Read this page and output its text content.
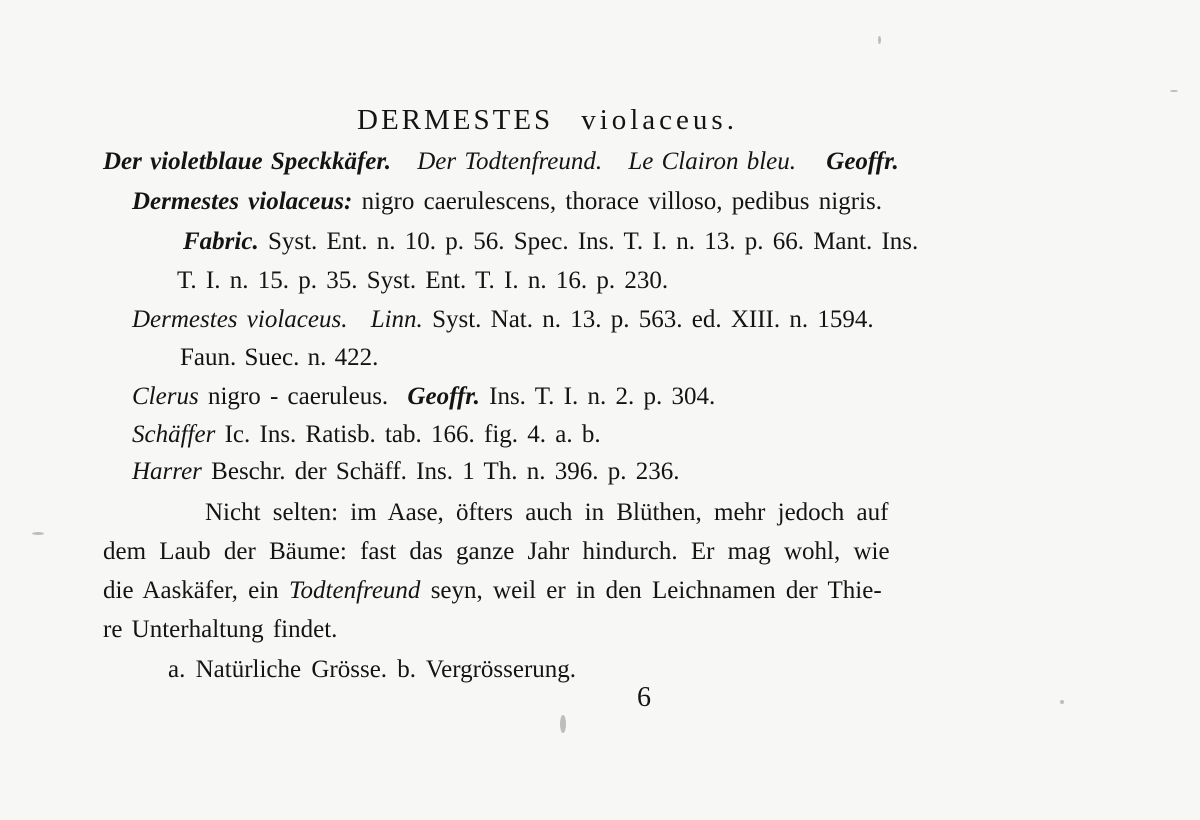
DERMESTES violaceus.
Der violetblaue Speckkäfer. Der Todtenfreund. Le Clairon bleu. Geoffr.
Dermestes violaceus: nigro caerulescens, thorace villoso, pedibus nigris.
Fabric. Syst. Ent. n. 10. p. 56. Spec. Ins. T. I. n. 13. p. 66. Mant. Ins.
T. I. n. 15. p. 35. Syst. Ent. T. I. n. 16. p. 230.
Dermestes violaceus. Linn. Syst. Nat. n. 13. p. 563. ed. XIII. n. 1594.
Faun. Suec. n. 422.
Clerus nigro - caeruleus. Geoffr. Ins. T. I. n. 2. p. 304.
Schäffer Ic. Ins. Ratisb. tab. 166. fig. 4. a. b.
Harrer Beschr. der Schäff. Ins. 1 Th. n. 396. p. 236.
Nicht selten: im Aase, öfters auch in Blüthen, mehr jedoch auf
dem Laub der Bäume: fast das ganze Jahr hindurch. Er mag wohl, wie
die Aaskäfer, ein Todtenfreund seyn, weil er in den Leichnamen der Thie-
re Unterhaltung findet.
a. Natürliche Grösse. b. Vergrösserung.
6
